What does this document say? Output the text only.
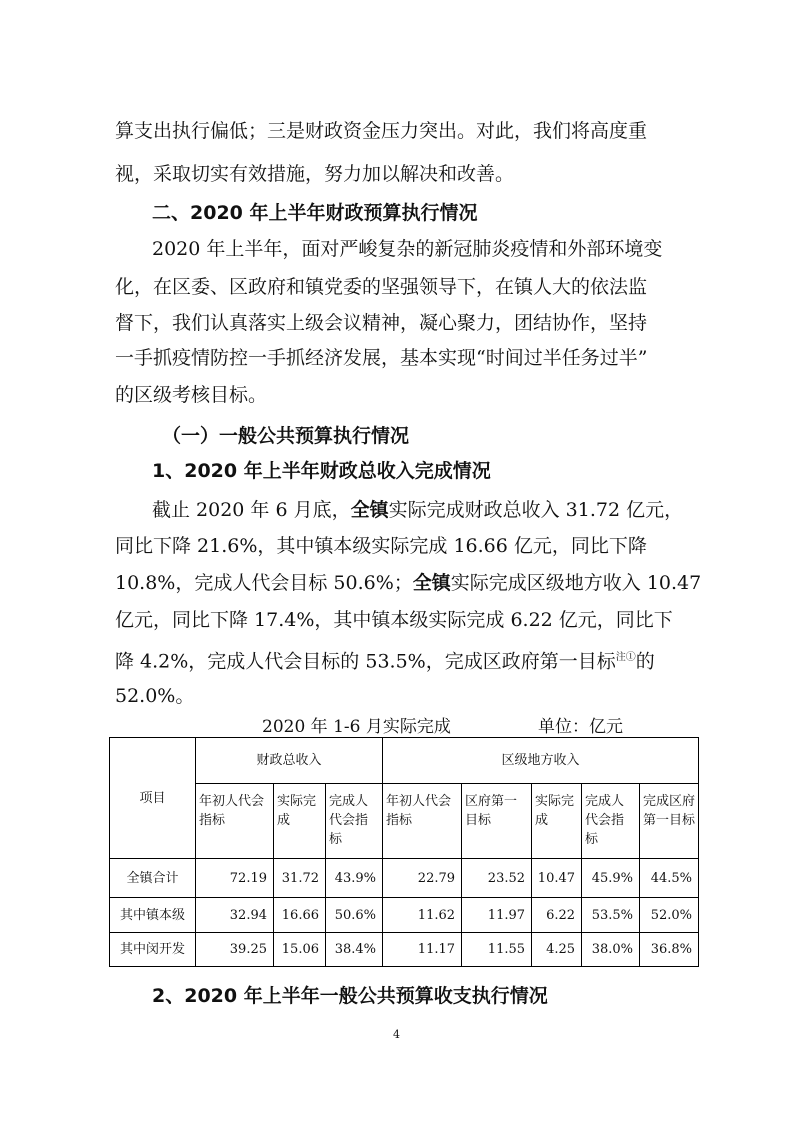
算支出执行偏低；三是财政资金压力突出。对此，我们将高度重
视，采取切实有效措施，努力加以解决和改善。
二、2020 年上半年财政预算执行情况
2020 年上半年，面对严峻复杂的新冠肺炎疫情和外部环境变
化，在区委、区政府和镇党委的坚强领导下，在镇人大的依法监
督下，我们认真落实上级会议精神，凝心聚力，团结协作，坚持
一手抓疫情防控一手抓经济发展，基本实现“时间过半任务过半”
的区级考核目标。
（一）一般公共预算执行情况
1、2020 年上半年财政总收入完成情况
截止 2020 年 6 月底，全镇实际完成财政总收入 31.72 亿元，
同比下降 21.6%，其中镇本级实际完成 16.66 亿元，同比下降
10.8%，完成人代会目标 50.6%；全镇实际完成区级地方收入 10.47
亿元，同比下降 17.4%，其中镇本级实际完成 6.22 亿元，同比下
降 4.2%，完成人代会目标的 53.5%，完成区政府第一目标$^{注①}$的
52.0%。
2020 年 1-6 月实际完成	单位：亿元
项目	财政总收入			区级地方收入				
	年初人代会指标	实际完成	完成人代会指标	年初人代会指标	区府第一目标	实际完成	完成人代会指标	完成区府第一目标
全镇合计	72.19	31.72	43.9%	22.79	23.52	10.47	45.9%	44.5%
其中镇本级	32.94	16.66	50.6%	11.62	11.97	6.22	53.5%	52.0%
其中闵开发	39.25	15.06	38.4%	11.17	11.55	4.25	38.0%	36.8%
2、2020 年上半年一般公共预算收支执行情况
4
